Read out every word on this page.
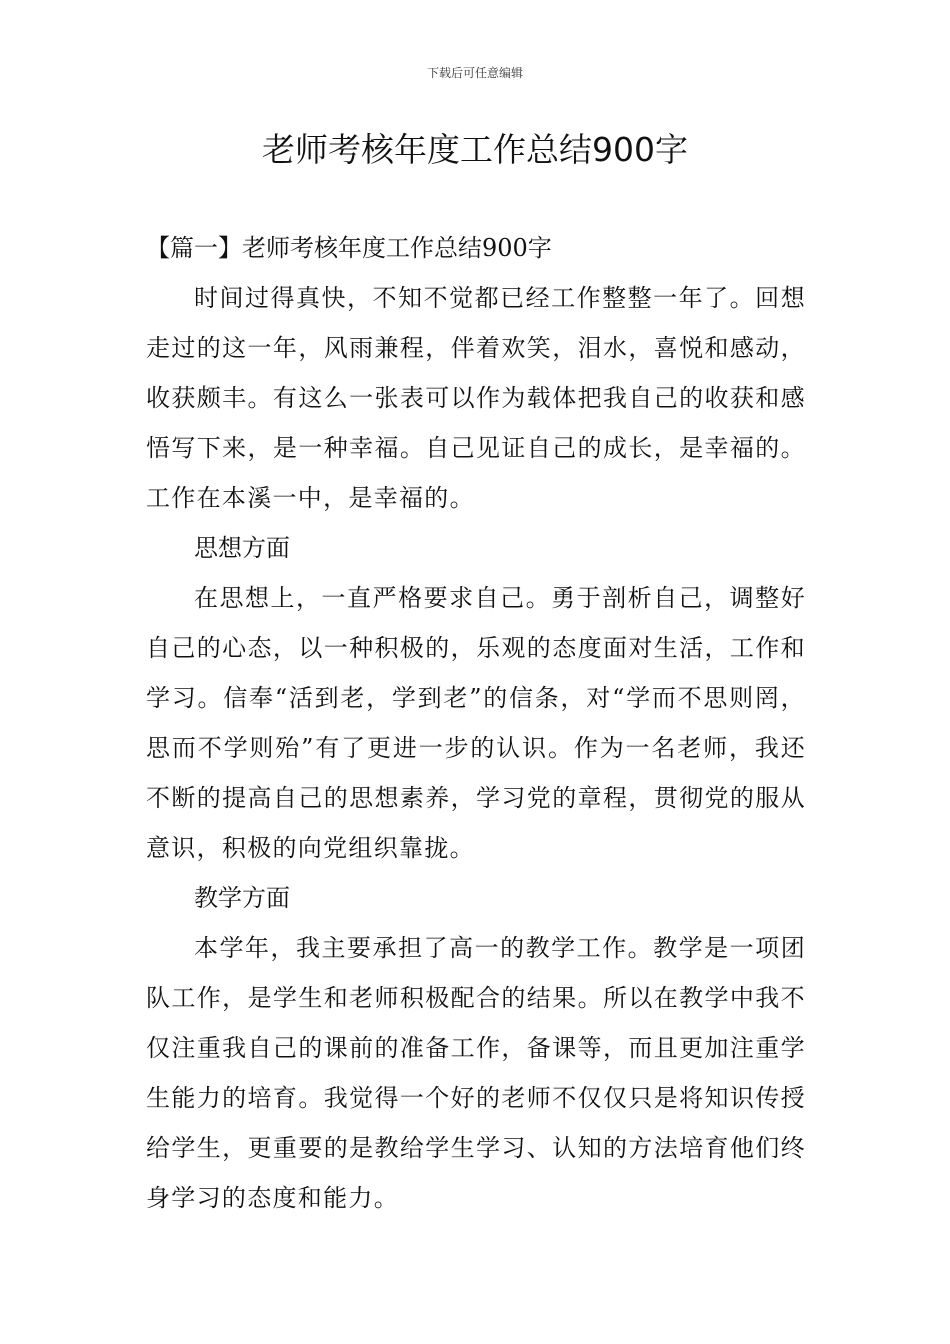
下载后可任意编辑
老师考核年度工作总结900字

【篇一】老师考核年度工作总结900字

时间过得真快，不知不觉都已经工作整整一年了。回想走过的这一年，风雨兼程，伴着欢笑，泪水，喜悦和感动，收获颇丰。有这么一张表可以作为载体把我自己的收获和感悟写下来，是一种幸福。自己见证自己的成长，是幸福的。工作在本溪一中，是幸福的。

思想方面

在思想上，一直严格要求自己。勇于剖析自己，调整好自己的心态，以一种积极的，乐观的态度面对生活，工作和学习。信奉“活到老，学到老”的信条，对“学而不思则罔，思而不学则殆”有了更进一步的认识。作为一名老师，我还不断的提高自己的思想素养，学习党的章程，贯彻党的服从意识，积极的向党组织靠拢。

教学方面

本学年，我主要承担了高一的教学工作。教学是一项团队工作，是学生和老师积极配合的结果。所以在教学中我不仅注重我自己的课前的准备工作，备课等，而且更加注重学生能力的培育。我觉得一个好的老师不仅仅只是将知识传授给学生，更重要的是教给学生学习、认知的方法培育他们终身学习的态度和能力。
